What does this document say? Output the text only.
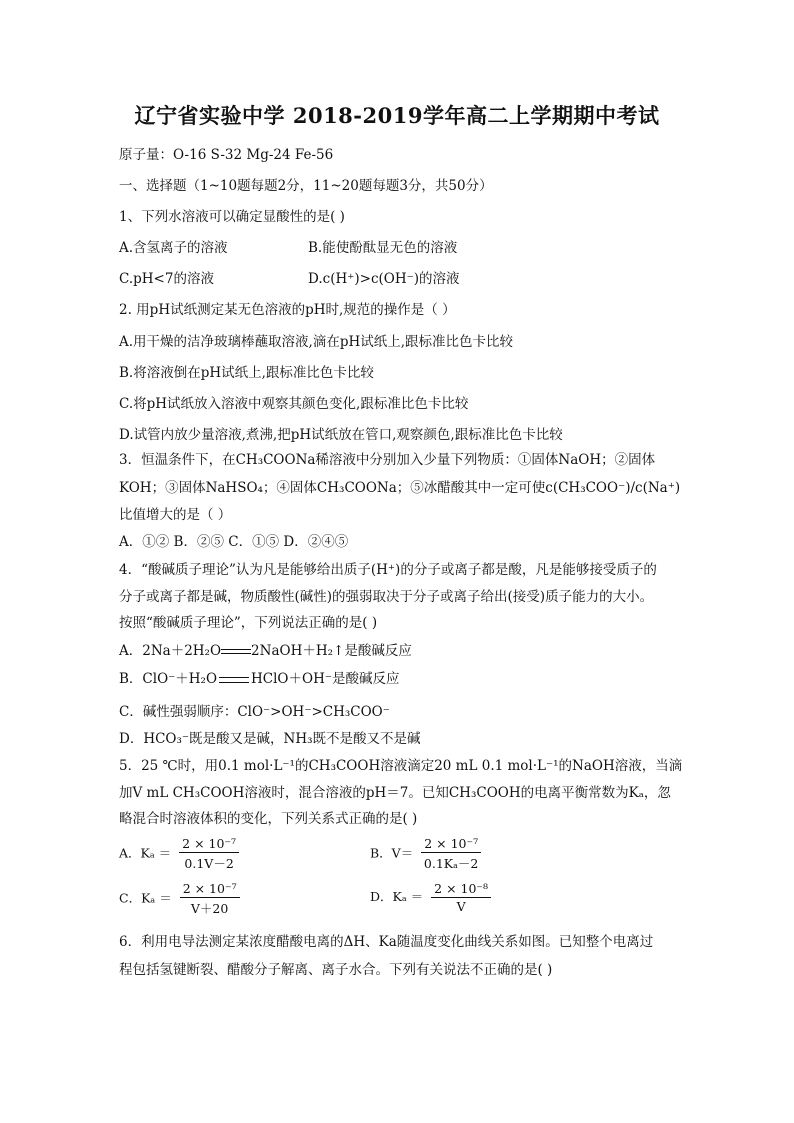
辽宁省实验中学 2018-2019学年高二上学期期中考试
原子量：O-16 S-32 Mg-24 Fe-56
一、选择题（1~10题每题2分，11~20题每题3分，共50分）
1、下列水溶液可以确定显酸性的是( )
A.含氢离子的溶液	B.能使酚酞显无色的溶液
C.pH<7的溶液	D.c(H⁺)>c(OH⁻)的溶液
2. 用pH试纸测定某无色溶液的pH时,规范的操作是（ ）
A.用干燥的洁净玻璃棒蘸取溶液,滴在pH试纸上,跟标准比色卡比较
B.将溶液倒在pH试纸上,跟标准比色卡比较
C.将pH试纸放入溶液中观察其颜色变化,跟标准比色卡比较
D.试管内放少量溶液,煮沸,把pH试纸放在管口,观察颜色,跟标准比色卡比较
3．恒温条件下，在CH₃COONa稀溶液中分别加入少量下列物质：①固体NaOH；②固体
KOH；③固体NaHSO₄；④固体CH₃COONa；⑤冰醋酸其中一定可使c(CH₃COO⁻)/c(Na⁺)
比值增大的是（ ）
A．①② B．②⑤ C．①⑤ D．②④⑤
4．“酸碱质子理论”认为凡是能够给出质子(H⁺)的分子或离子都是酸，凡是能够接受质子的
分子或离子都是碱，物质酸性(碱性)的强弱取决于分子或离子给出(接受)质子能力的大小。
按照“酸碱质子理论”，下列说法正确的是( )
A．2Na＋2H₂O 2NaOH＋H₂↑是酸碱反应
B．ClO⁻＋H₂O	HClO＋OH⁻是酸碱反应
C．碱性强弱顺序：ClO⁻>OH⁻>CH₃COO⁻
D．HCO₃⁻既是酸又是碱，NH₃既不是酸又不是碱
5．25 ℃时，用0.1 mol·L⁻¹的CH₃COOH溶液滴定20 mL 0.1 mol·L⁻¹的NaOH溶液，当滴
加V mL CH₃COOH溶液时，混合溶液的pH＝7。已知CH₃COOH的电离平衡常数为Kₐ，忽
略混合时溶液体积的变化，下列关系式正确的是( )
A．$K_a = \frac{\text{2 × 10⁻⁷}}{0.1V-2}$	B．$V= \frac{\text{2 × 10⁻⁷}}{\text{0.1Kₐ－2}}$
C．$K_a = \frac{\text{2 × 10⁻⁷}}{V+20}$	D．$K_a = \frac{\text{2 × 10⁻⁸}}{V}$
6．利用电导法测定某浓度醋酸电离的ΔH、Ka随温度变化曲线关系如图。已知整个电离过
程包括氢键断裂、醋酸分子解离、离子水合。下列有关说法不正确的是( )
